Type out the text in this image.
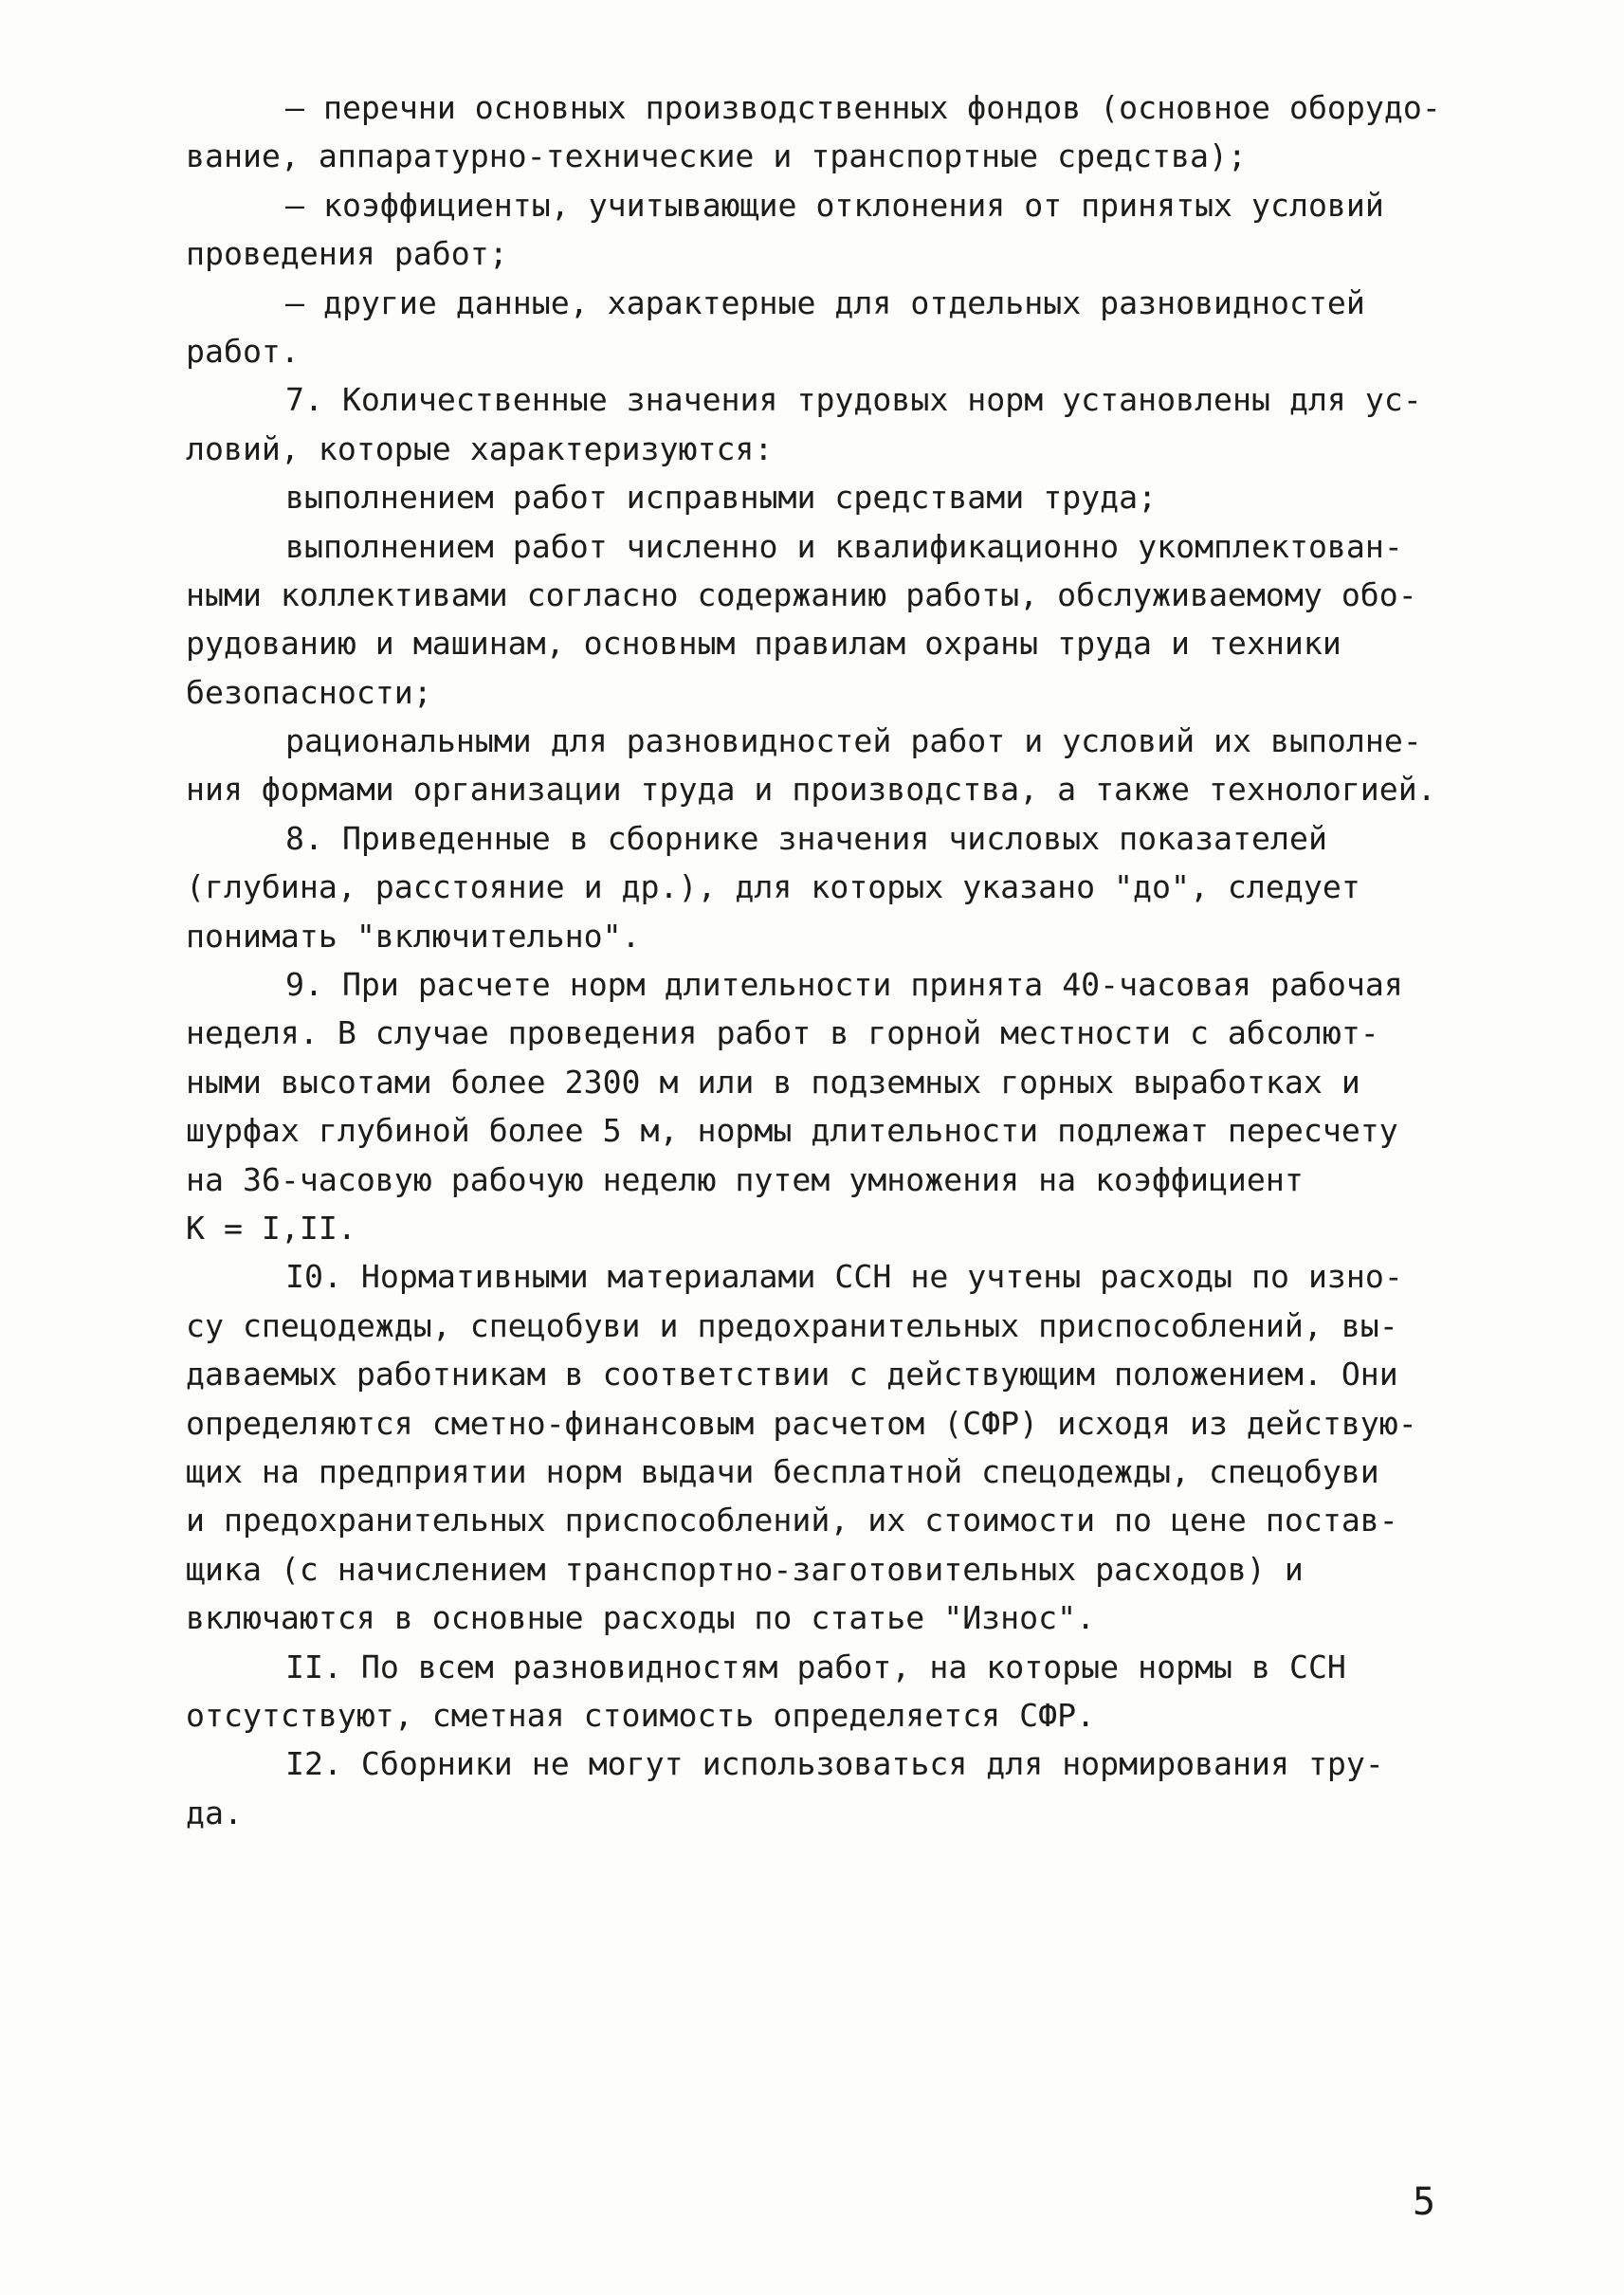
– перечни основных производственных фондов (основное оборудо-
вание, аппаратурно-технические и транспортные средства);
– коэффициенты, учитывающие отклонения от принятых условий
проведения работ;
– другие данные, характерные для отдельных разновидностей
работ.
7. Количественные значения трудовых норм установлены для ус-
ловий, которые характеризуются:
выполнением работ исправными средствами труда;
выполнением работ численно и квалификационно укомплектован-
ными коллективами согласно содержанию работы, обслуживаемому обо-
рудованию и машинам, основным правилам охраны труда и техники
безопасности;
рациональными для разновидностей работ и условий их выполне-
ния формами организации труда и производства, а также технологией.
8. Приведенные в сборнике значения числовых показателей
(глубина, расстояние и др.), для которых указано "до", следует
понимать "включительно".
9. При расчете норм длительности принята 40-часовая рабочая
неделя. В случае проведения работ в горной местности с абсолют-
ными высотами более 2300 м или в подземных горных выработках и
шурфах глубиной более 5 м, нормы длительности подлежат пересчету
на 36-часовую рабочую неделю путем умножения на коэффициент
К = I,II.
I0. Нормативными материалами ССН не учтены расходы по изно-
су спецодежды, спецобуви и предохранительных приспособлений, вы-
даваемых работникам в соответствии с действующим положением. Они
определяются сметно-финансовым расчетом (СФР) исходя из действую-
щих на предприятии норм выдачи бесплатной спецодежды, спецобуви
и предохранительных приспособлений, их стоимости по цене постав-
щика (с начислением транспортно-заготовительных расходов) и
включаются в основные расходы по статье "Износ".
II. По всем разновидностям работ, на которые нормы в ССН
отсутствуют, сметная стоимость определяется СФР.
I2. Сборники не могут использоваться для нормирования тру-
да.
5
